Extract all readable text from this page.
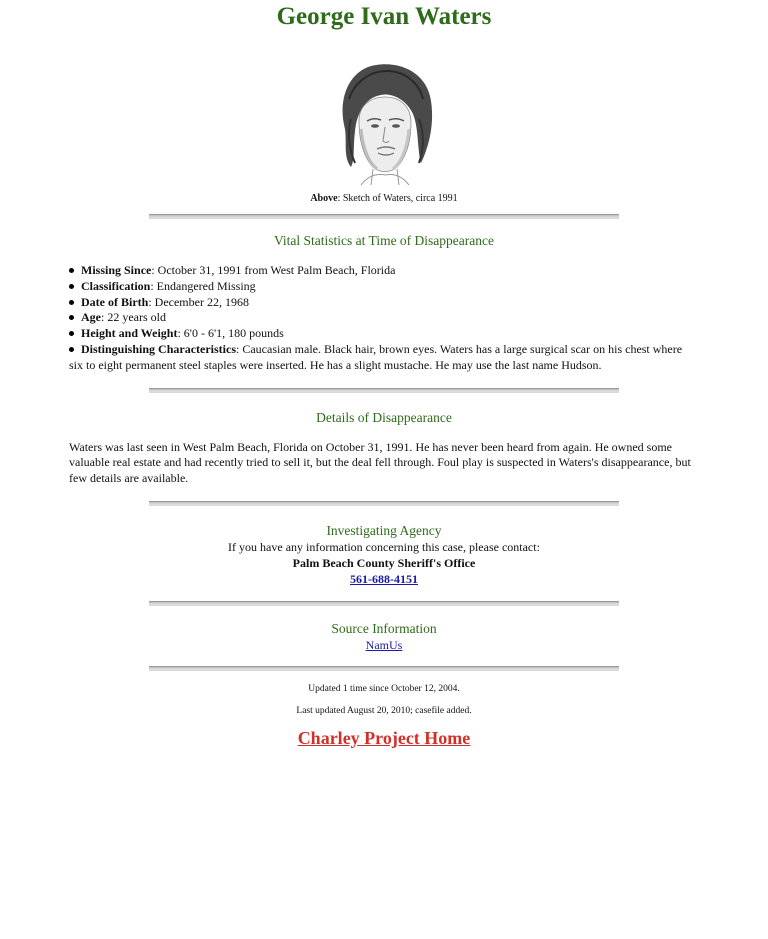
George Ivan Waters
Above: Sketch of Waters, circa 1991
Vital Statistics at Time of Disappearance
Missing Since: October 31, 1991 from West Palm Beach, Florida
Classification: Endangered Missing
Date of Birth: December 22, 1968
Age: 22 years old
Height and Weight: 6'0 - 6'1, 180 pounds
Distinguishing Characteristics: Caucasian male. Black hair, brown eyes. Waters has a large surgical scar on his chest where six to eight permanent steel staples were inserted. He has a slight mustache. He may use the last name Hudson.
Details of Disappearance
Waters was last seen in West Palm Beach, Florida on October 31, 1991. He has never been heard from again. He owned some valuable real estate and had recently tried to sell it, but the deal fell through. Foul play is suspected in Waters's disappearance, but few details are available.
Investigating Agency
If you have any information concerning this case, please contact:
Palm Beach County Sheriff's Office
561-688-4151
Source Information
NamUs
Updated 1 time since October 12, 2004.
Last updated August 20, 2010; casefile added.
Charley Project Home
